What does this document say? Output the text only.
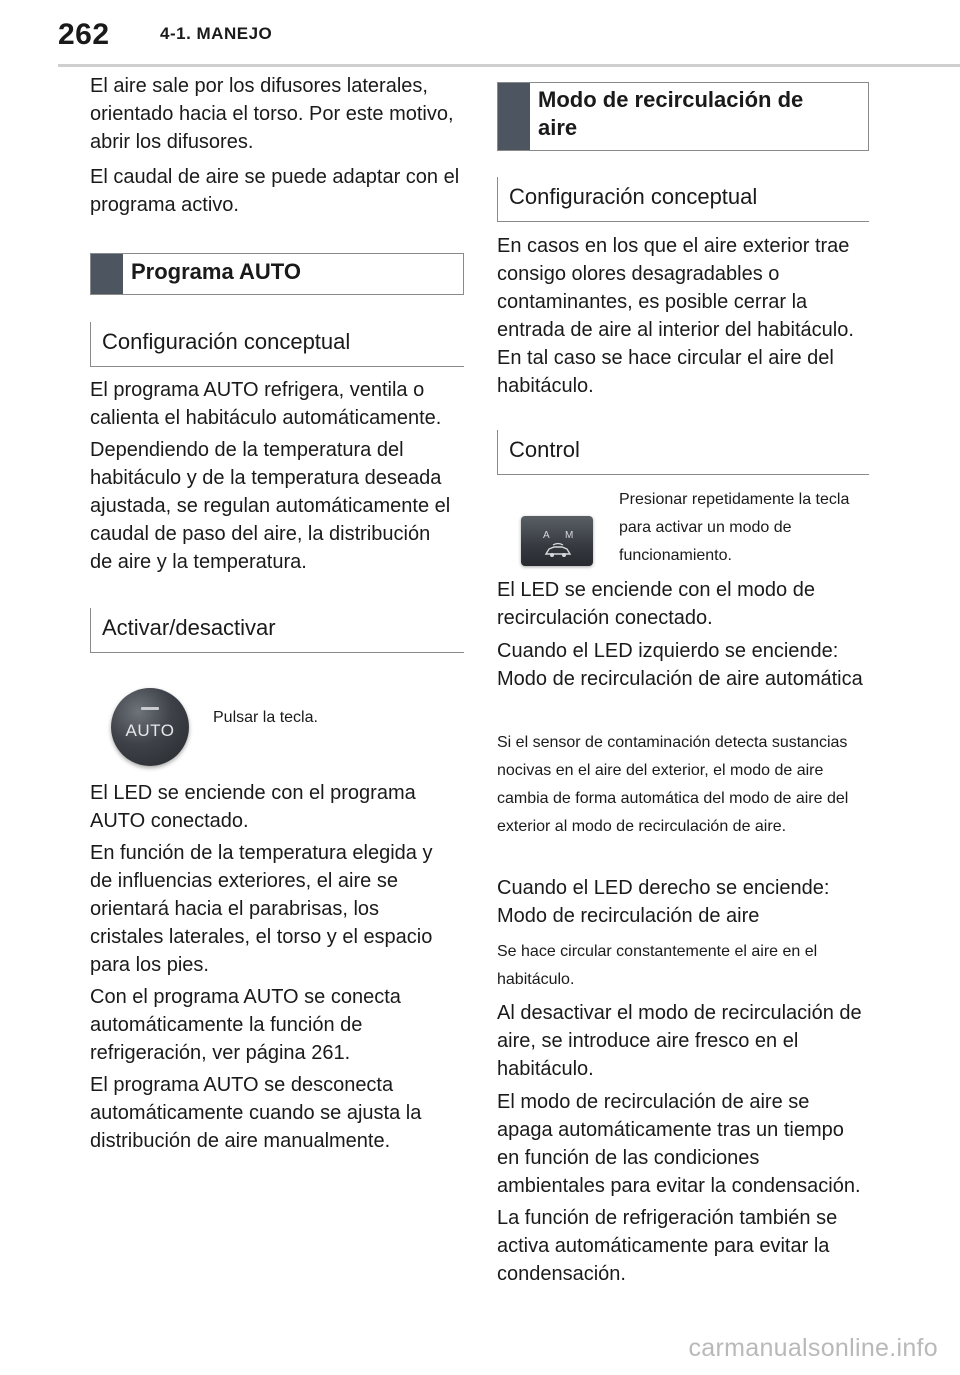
262	4-1. MANEJO

El aire sale por los difusores laterales, orientado hacia el torso. Por este motivo, abrir los difusores.

El caudal de aire se puede adaptar con el programa activo.

Programa AUTO
Configuración conceptual

El programa AUTO refrigera, ventila o calienta el habitáculo automáticamente.

Dependiendo de la temperatura del habitáculo y de la temperatura deseada ajustada, se regulan automáticamente el caudal de paso del aire, la distribución de aire y la temperatura.

Activar/desactivar

Pulsar la tecla.

El LED se enciende con el programa AUTO conectado.

En función de la temperatura elegida y de influencias exteriores, el aire se orientará hacia el parabrisas, los cristales laterales, el torso y el espacio para los pies.

Con el programa AUTO se conecta automáticamente la función de refrigeración, ver página 261.

El programa AUTO se desconecta automáticamente cuando se ajusta la distribución de aire manualmente.

AUTO
Modo de recirculación de aire
Configuración conceptual

En casos en los que el aire exterior trae consigo olores desagradables o contaminantes, es posible cerrar la entrada de aire al interior del habitáculo. En tal caso se hace circular el aire del habitáculo.

Control

Presionar repetidamente la tecla para activar un modo de funcionamiento.

El LED se enciende con el modo de recirculación conectado.

Cuando el LED izquierdo se enciende: Modo de recirculación de aire automática

Si el sensor de contaminación detecta sustancias nocivas en el aire del exterior, el modo de aire cambia de forma automática del modo de aire del exterior al modo de recirculación de aire.

Cuando el LED derecho se enciende: Modo de recirculación de aire

Se hace circular constantemente el aire en el habitáculo.

Al desactivar el modo de recirculación de aire, se introduce aire fresco en el habitáculo.

El modo de recirculación de aire se apaga automáticamente tras un tiempo en función de las condiciones ambientales para evitar la condensación.

La función de refrigeración también se activa automáticamente para evitar la condensación.

A M
carmanualsonline.info
